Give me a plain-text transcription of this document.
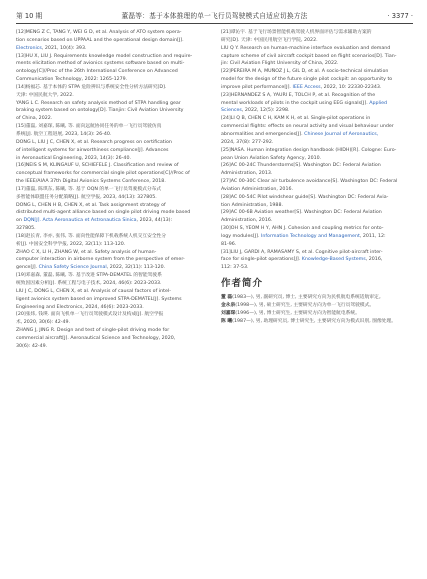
第 10 期	董磊等：基于本体推理的单一飞行员驾驶模式自适应切换方法	· 3377 ·
[12]MENG Z C, TANG Y, WEI G D, et al. Analysis of ATO system opera-
tion scenarios based on UPPAAL and the operational design domain[J].
Electronics, 2021, 10(4): 393.
[13]HU X, LIU J. Requirements knowledge model construction and require-
ments elicitation method of avionics systems software based on multi-
ontology[C]//Proc of the 26th International Conference on Advanced
Communication Technology, 2022: 1265-1279.
[14]杨福芯. 基于本体的 STPA 危险辨识与系统安全性分析方法研究[D].
天津: 中国民航大学, 2022.
YANG L C. Research on safety analysis method of STPA handling gear
braking system based on ontology[D]. Tianjin: Civil Aviation University
of China, 2022.
[15]董磊, 刘嘉琛, 陈曦, 等. 面向远航协同任务的单一飞行员驾驶仿真
系统[J]. 航空工程进展, 2023, 14(3): 26-40.
DONG L, LIU J C, CHEN X, et al. Research progress on certification
of intelligent systems for airworthiness compliance[J]. Advances
in Aeronautical Engineering, 2023, 14(3): 26-40.
[16]NEIS S M, KLINGAUF U, SCHIEFELE J. Classification and review of
conceptual frameworks for commercial single pilot operations[C]//Proc of
the IEEE/AIAA 37th Digital Avionics Systems Conference, 2018.
[17]董磊, 陈琪东, 陈曦, 等. 基于 OQN 的单一飞行员驾驶模式分布式
多智能体联盟任务分配策略[J]. 航空学报, 2023, 44(13): 327805.
DONG L, CHEN H B, CHEN X, et al. Task assignment strategy of
distributed multi-agent alliance based on single pilot driving mode based
on DQN[J]. Acta Aeronautica et Astronautica Sinica, 2023, 44(13):
327805.
[18]赵长青, 李亦, 张伟, 等. 面向性能保障下机载系统人机交互安全性分
析[J]. 中国安全科学学报, 2022, 32(11): 113-120.
ZHAO C X, LI H, ZHANG W, et al. Safety analysis of human-
computer interaction in airborne system from the perspective of emer-
gence[J]. China Safety Science Journal, 2022, 32(11): 113-120.
[19]邓嘉森, 董磊, 陈曦, 等. 基于改进 STPA-DEMATEL 的智能驾驶系
统致因因素分析[J]. 系统工程与电子技术, 2024, 46(6): 2023-2033.
LIU J C, DONG L, CHEN X, et al. Analysis of causal factors of intel-
ligent avionics system based on improved STPA-DEMATEL[J]. Systems
Engineering and Electronics, 2024, 46(6): 2023-2033.
[20]张炜, 钱瑛. 面向飞机单一飞行员驾驶模式设计及构成[J]. 航空学报
术, 2020, 30(6): 42-49.
ZHANG J, JING R. Design and test of single-pilot driving mode for
commercial aircraft[J]. Aeronautical Science and Technology, 2020,
30(6): 42-49.
[21]谭沁宇. 基于飞行场景智能机载驾驶人机界面评估与需求辅助方案的
研究[D]. 天津: 中国民用航空飞行学院, 2022.
LIU Q Y. Research on human-machine interface evaluation and demand
capture scheme of civil aircraft cockpit based on flight scenarios[D]. Tian-
jin: Civil Aviation Flight University of China, 2022.
[22]PEREIRA M A, MUÑOZ J L, GIL D, et al. A socio-technical simulation
model for the design of the future single pilot cockpit: an opportunity to
improve pilot performance[J]. IEEE Access, 2022, 10: 22330-22343.
[23]HERNANDEZ S A, YAURI E, TOLCH P, et al. Recognition of the
mental workloads of pilots in the cockpit using EEG signals[J]. Applied
Sciences, 2022, 12(5): 2298.
[24]LI Q B, CHEN C H, KAM K H, et al. Single-pilot operations in
commercial flights: effects on neural activity and visual behaviour under
abnormalities and emergencies[J]. Chinese Journal of Aeronautics,
2024, 37(8): 277-292.
[25]NASA. Human integration design handbook (HIDH)[R]. Cologne: Euro-
pean Union Aviation Safety Agency, 2010.
[26]AC 00-24C Thunderstorms[S]. Washington DC: Federal Aviation
Administration, 2013.
[27]AC 00-30C Clear air turbulence avoidance[S]. Washington DC: Federal
Aviation Administration, 2016.
[28]AC 00-54C Pilot windshear guide[S]. Washington DC: Federal Avia-
tion Administration, 1988.
[29]AC 00-6B Aviation weather[S]. Washington DC: Federal Aviation
Administration, 2016.
[30]OH S, YEOM H Y, AHN J. Cohesion and coupling metrics for onto-
logy modules[J]. Information Technology and Management, 2011, 12:
81-96.
[31]LIU J, GARDI A, RAMASAMY S, et al. Cognitive pilot-aircraft inter-
face for single-pilot operations[J]. Knowledge-Based Systems, 2016,
112: 37-53.
作者简介
董 磊(1983—), 男, 副研究员, 博士, 主要研究方向为民机航电系统适航审定。
金永泉(1998—), 男, 硕士研究生, 主要研究方向为单一飞行员驾驶模式。
刘嘉琛(1996—), 男, 博士研究生, 主要研究方向为智能航电系统。
陈 曦(1987—), 男, 助理研究员, 博士研究生, 主要研究方向为模式识别, 图像处理。
